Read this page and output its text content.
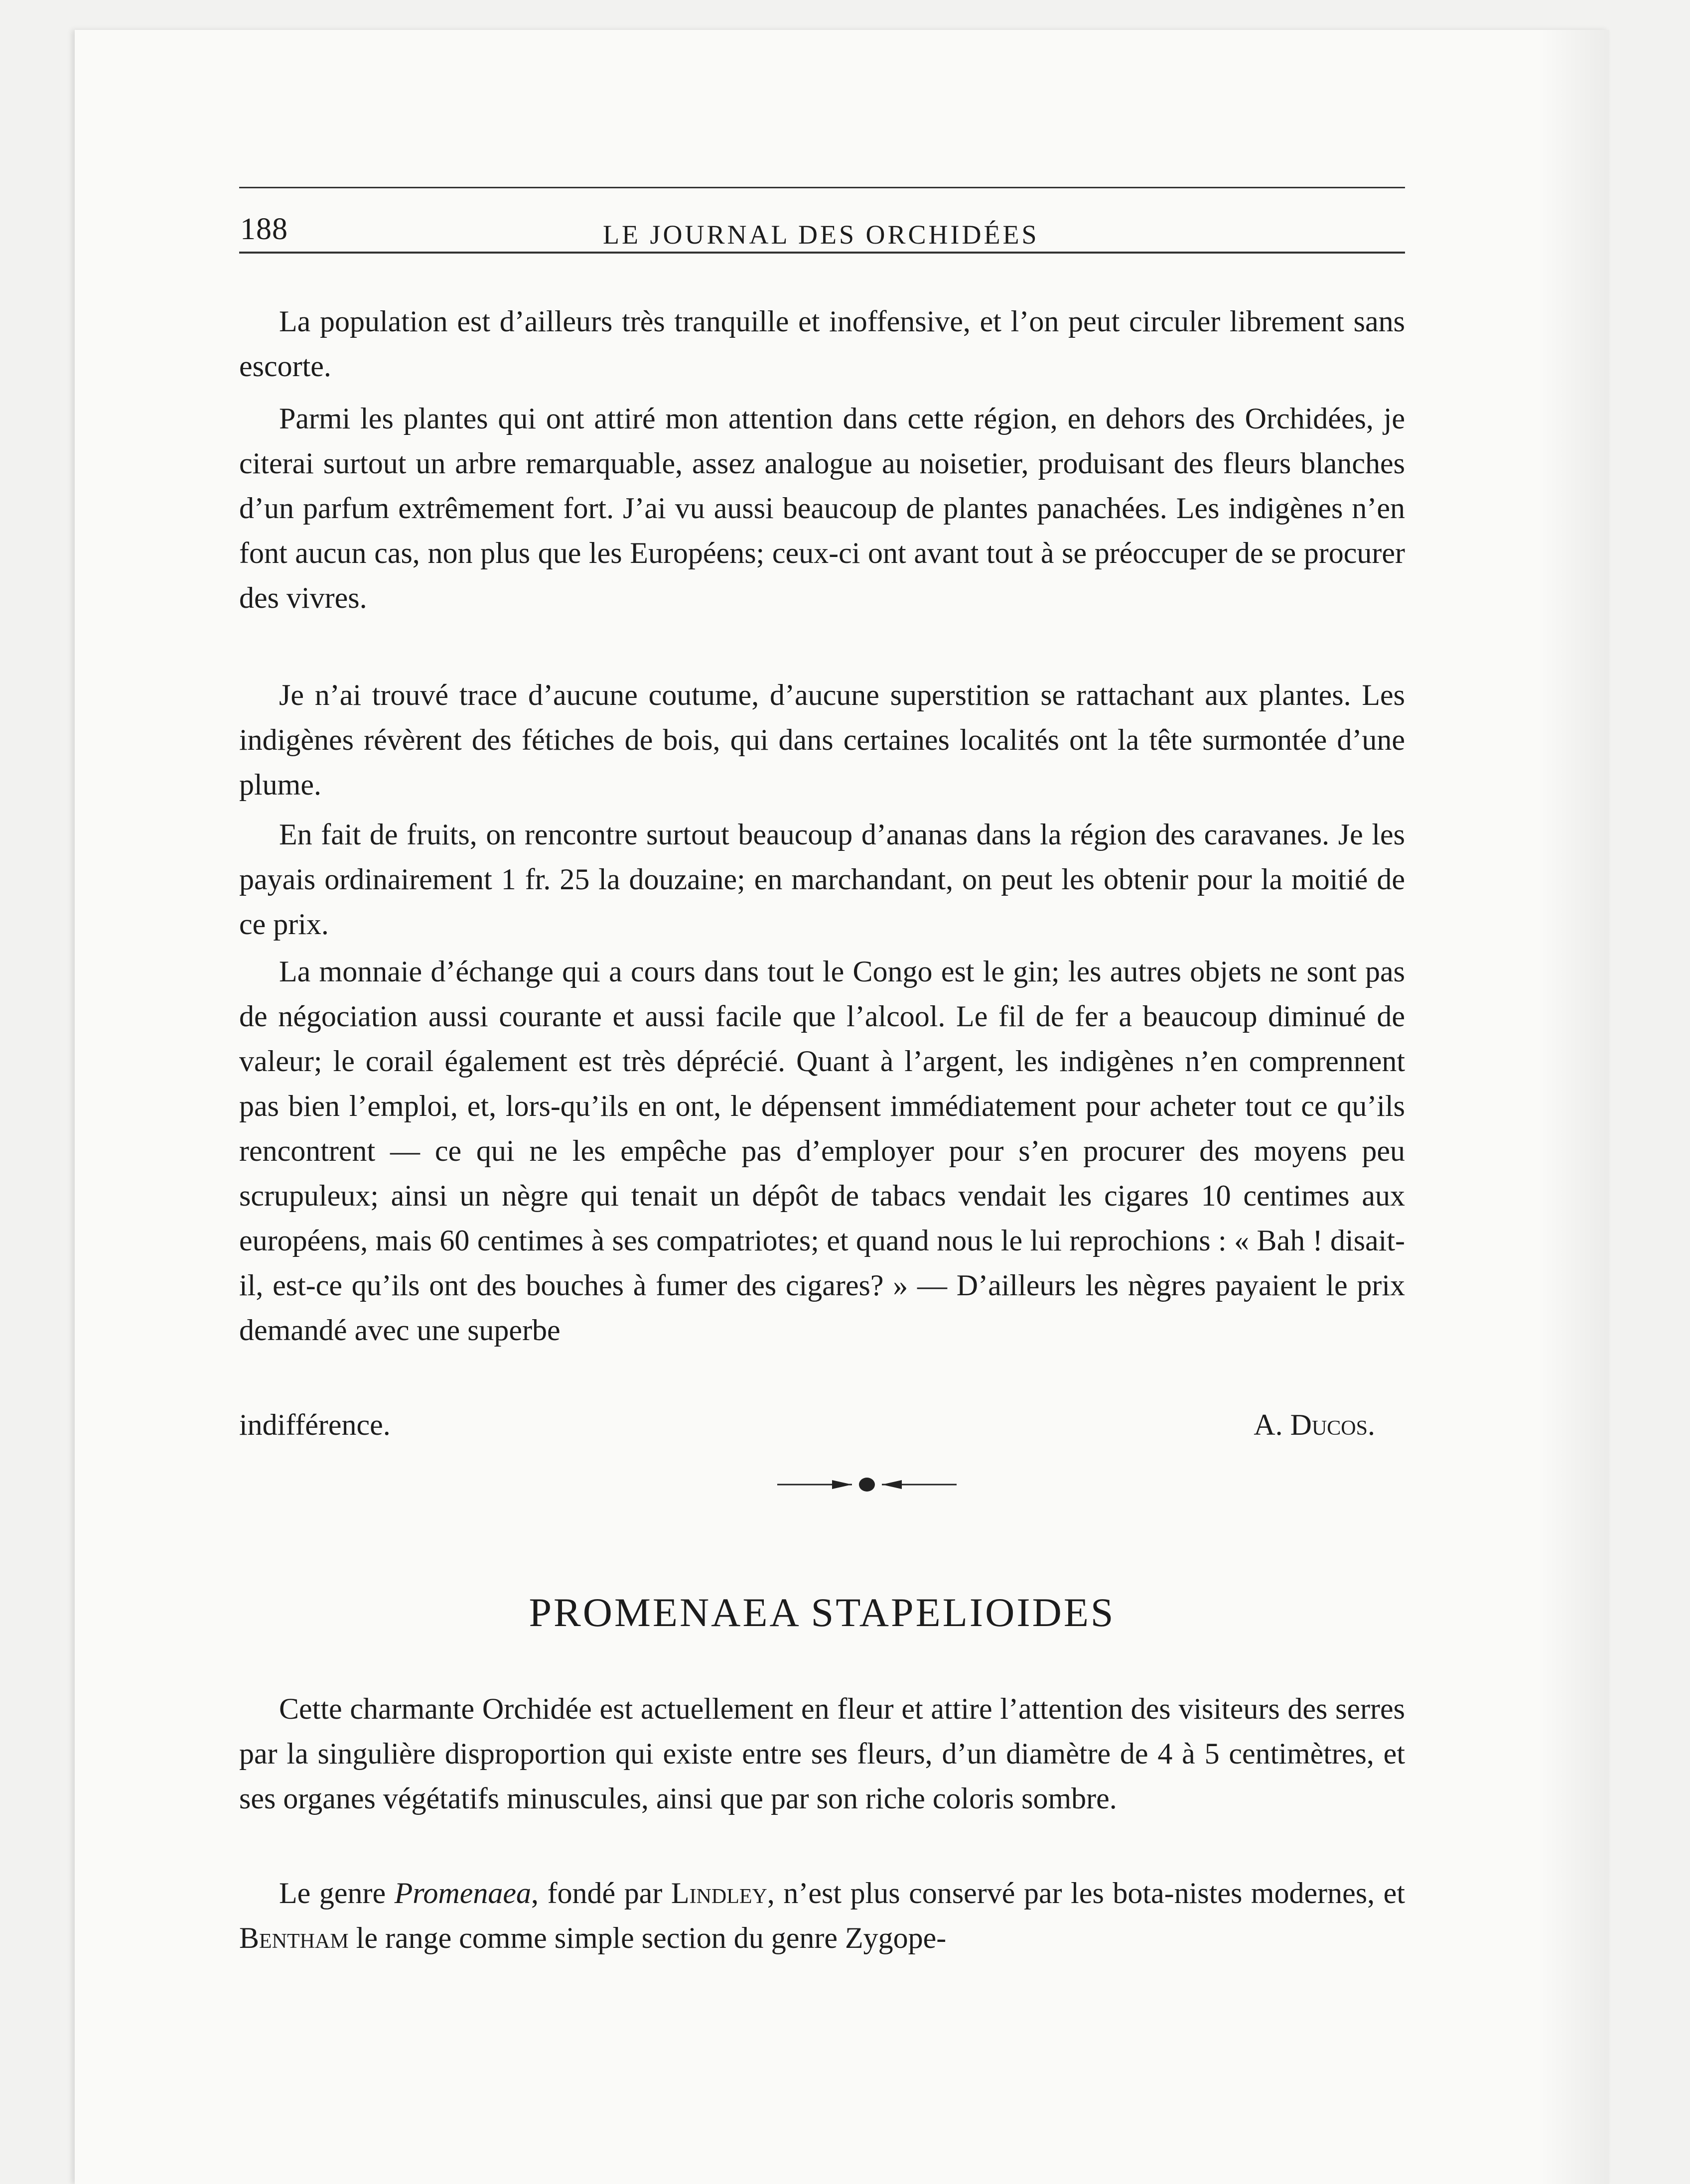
188	LE JOURNAL DES ORCHIDÉES

La population est d’ailleurs très tranquille et inoffensive, et l’on peut circuler librement sans escorte.

Parmi les plantes qui ont attiré mon attention dans cette région, en dehors des Orchidées, je citerai surtout un arbre remarquable, assez analogue au noisetier, produisant des fleurs blanches d’un parfum extrêmement fort. J’ai vu aussi beaucoup de plantes panachées. Les indigènes n’en font aucun cas, non plus que les Européens; ceux-ci ont avant tout à se préoccuper de se procurer des vivres.

Je n’ai trouvé trace d’aucune coutume, d’aucune superstition se rattachant aux plantes. Les indigènes révèrent des fétiches de bois, qui dans certaines localités ont la tête surmontée d’une plume.

En fait de fruits, on rencontre surtout beaucoup d’ananas dans la région des caravanes. Je les payais ordinairement 1 fr. 25 la douzaine; en marchandant, on peut les obtenir pour la moitié de ce prix.

La monnaie d’échange qui a cours dans tout le Congo est le gin; les autres objets ne sont pas de négociation aussi courante et aussi facile que l’alcool. Le fil de fer a beaucoup diminué de valeur; le corail également est très déprécié. Quant à l’argent, les indigènes n’en comprennent pas bien l’emploi, et, lors-qu’ils en ont, le dépensent immédiatement pour acheter tout ce qu’ils rencontrent — ce qui ne les empêche pas d’employer pour s’en procurer des moyens peu scrupuleux; ainsi un nègre qui tenait un dépôt de tabacs vendait les cigares 10 centimes aux européens, mais 60 centimes à ses compatriotes; et quand nous le lui reprochions : « Bah ! disait-il, est-ce qu’ils ont des bouches à fumer des cigares? » — D’ailleurs les nègres payaient le prix demandé avec une superbe

indifférence.	A. Ducos.
PROMENAEA STAPELIOIDES

Cette charmante Orchidée est actuellement en fleur et attire l’attention des visiteurs des serres par la singulière disproportion qui existe entre ses fleurs, d’un diamètre de 4 à 5 centimètres, et ses organes végétatifs minuscules, ainsi que par son riche coloris sombre.

Le genre Promenaea, fondé par Lindley, n’est plus conservé par les bota-nistes modernes, et Bentham le range comme simple section du genre Zygope-
